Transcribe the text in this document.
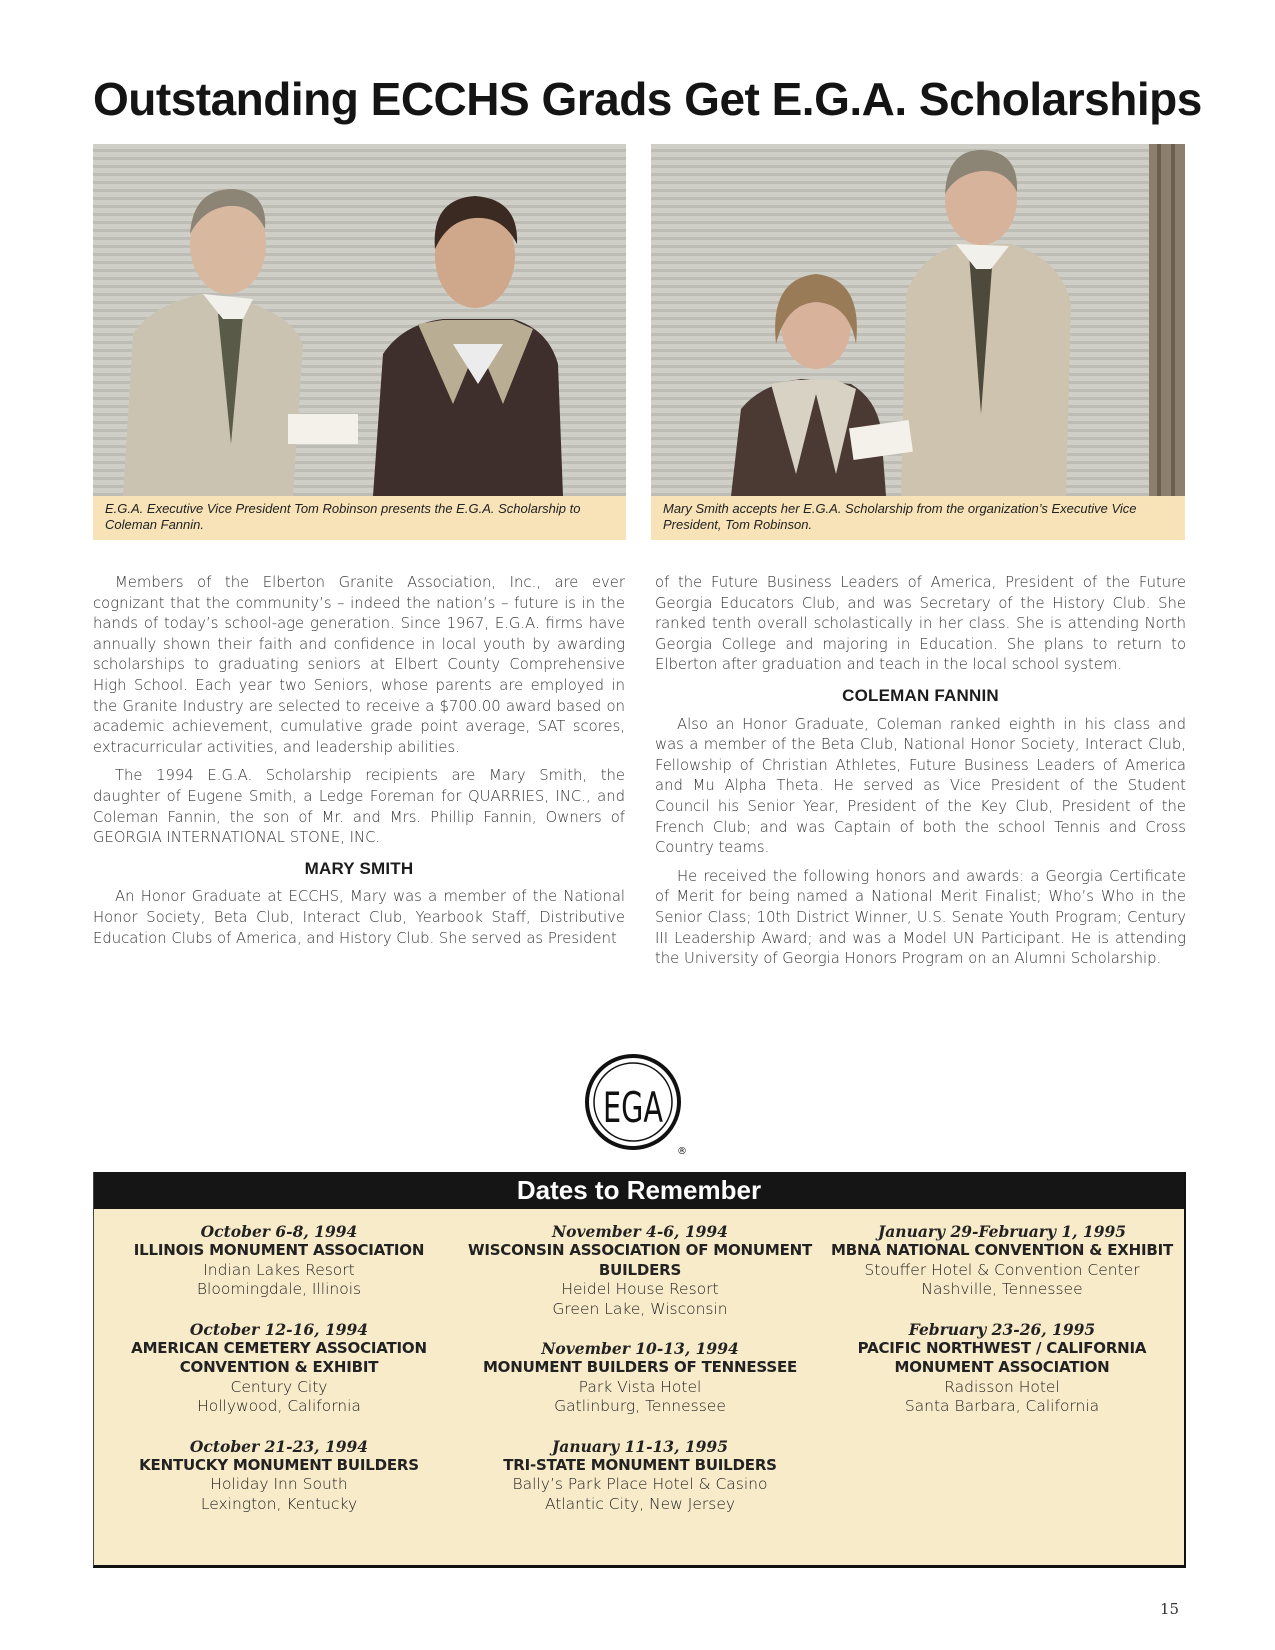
Outstanding ECCHS Grads Get E.G.A. Scholarships
E.G.A. Executive Vice President Tom Robinson presents the E.G.A. Scholarship to Coleman Fannin.
Mary Smith accepts her E.G.A. Scholarship from the organization’s Executive Vice President, Tom Robinson.

Members of the Elberton Granite Association, Inc., are ever cognizant that the community’s – indeed the nation’s – future is in the hands of today’s school-age generation. Since 1967, E.G.A. firms have annually shown their faith and confidence in local youth by awarding scholarships to graduating seniors at Elbert County Comprehensive High School. Each year two Seniors, whose parents are employed in the Granite Industry are selected to receive a $700.00 award based on academic achievement, cumulative grade point average, SAT scores, extracurricular activities, and leadership abilities.

The 1994 E.G.A. Scholarship recipients are Mary Smith, the daughter of Eugene Smith, a Ledge Foreman for QUARRIES, INC., and Coleman Fannin, the son of Mr. and Mrs. Phillip Fannin, Owners of GEORGIA INTERNATIONAL STONE, INC.

MARY SMITH

An Honor Graduate at ECCHS, Mary was a member of the National Honor Society, Beta Club, Interact Club, Yearbook Staff, Distributive Education Clubs of America, and History Club. She served as President

of the Future Business Leaders of America, President of the Future Georgia Educators Club, and was Secretary of the History Club. She ranked tenth overall scholastically in her class. She is attending North Georgia College and majoring in Education. She plans to return to Elberton after graduation and teach in the local school system.

COLEMAN FANNIN

Also an Honor Graduate, Coleman ranked eighth in his class and was a member of the Beta Club, National Honor Society, Interact Club, Fellowship of Christian Athletes, Future Business Leaders of America and Mu Alpha Theta. He served as Vice President of the Student Council his Senior Year, President of the Key Club, President of the French Club; and was Captain of both the school Tennis and Cross Country teams.

He received the following honors and awards: a Georgia Certificate of Merit for being named a National Merit Finalist; Who’s Who in the Senior Class; 10th District Winner, U.S. Senate Youth Program; Century III Leadership Award; and was a Model UN Participant. He is attending the University of Georgia Honors Program on an Alumni Scholarship.

EGA
®
Dates to Remember
October 6-8, 1994
ILLINOIS MONUMENT ASSOCIATION
Indian Lakes Resort
Bloomingdale, Illinois
October 12-16, 1994
AMERICAN CEMETERY ASSOCIATION CONVENTION & EXHIBIT
Century City
Hollywood, California
October 21-23, 1994
KENTUCKY MONUMENT BUILDERS
Holiday Inn South
Lexington, Kentucky
November 4-6, 1994
WISCONSIN ASSOCIATION OF MONUMENT BUILDERS
Heidel House Resort
Green Lake, Wisconsin
November 10-13, 1994
MONUMENT BUILDERS OF TENNESSEE
Park Vista Hotel
Gatlinburg, Tennessee
January 11-13, 1995
TRI-STATE MONUMENT BUILDERS
Bally’s Park Place Hotel & Casino
Atlantic City, New Jersey
January 29-February 1, 1995
MBNA NATIONAL CONVENTION & EXHIBIT
Stouffer Hotel & Convention Center
Nashville, Tennessee
February 23-26, 1995
PACIFIC NORTHWEST / CALIFORNIA MONUMENT ASSOCIATION
Radisson Hotel
Santa Barbara, California
15
